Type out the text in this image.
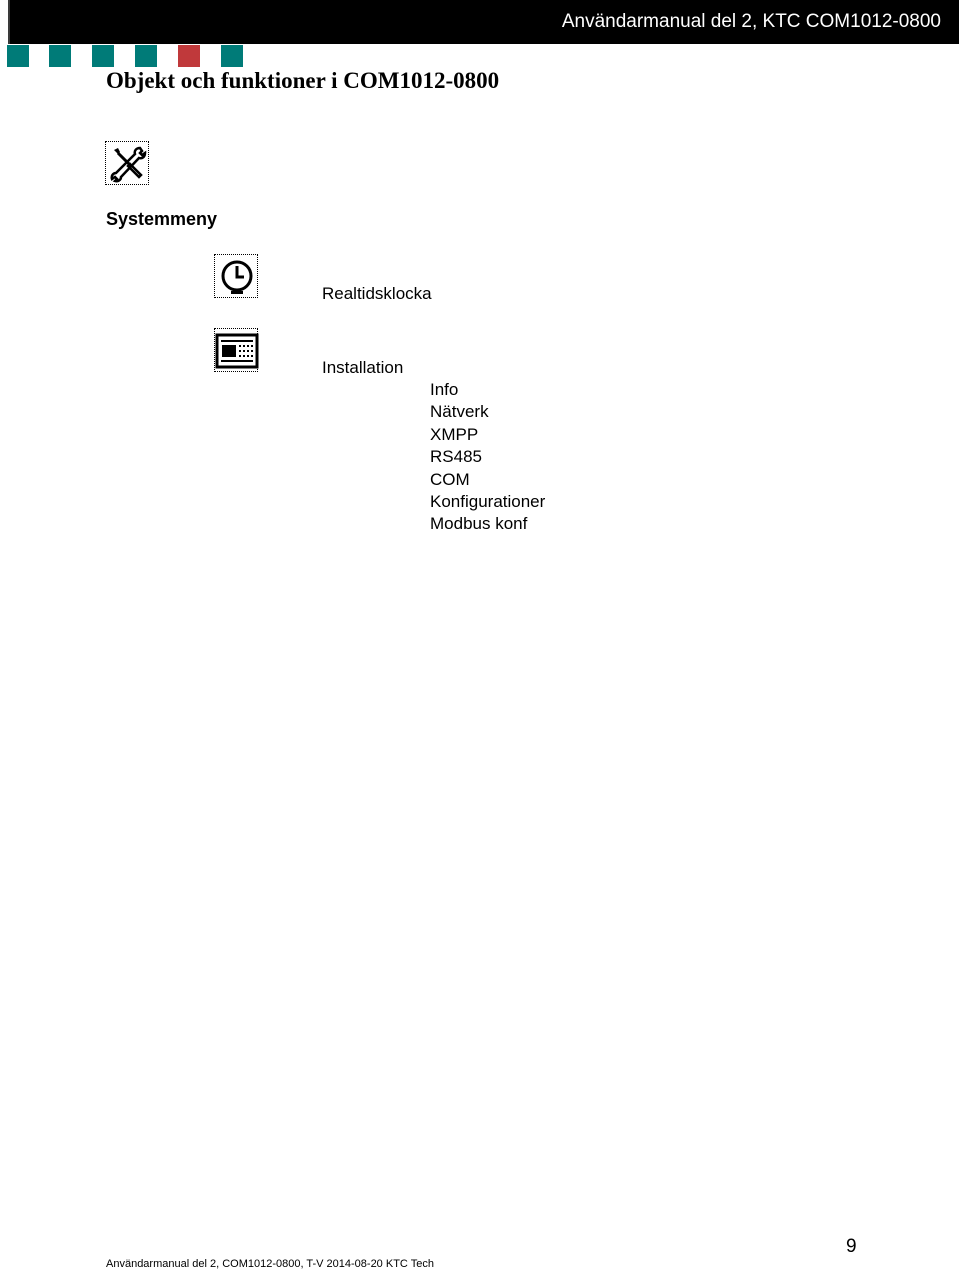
Användarmanual del 2, KTC COM1012-0800
Objekt och funktioner i COM1012-0800
Systemmeny
Realtidsklocka
Installation
Info
Nätverk
XMPP
RS485
COM
Konfigurationer
Modbus konf
9
Användarmanual del 2, COM1012-0800, T-V 2014-08-20 KTC Tech
